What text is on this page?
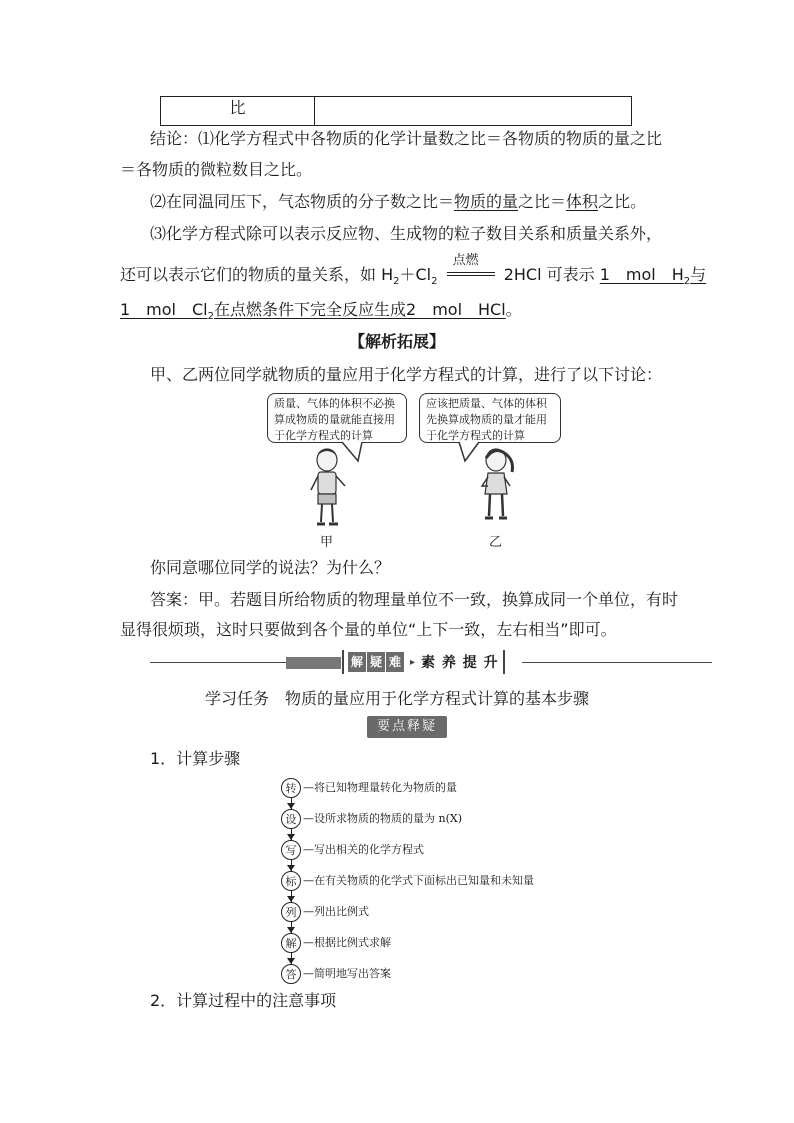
比
结论：⑴化学方程式中各物质的化学计量数之比＝各物质的物质的量之比
＝各物质的微粒数目之比。
⑵在同温同压下，气态物质的分子数之比＝物质的量之比＝体积之比。
⑶化学方程式除可以表示反应物、生成物的粒子数目关系和质量关系外，
还可以表示它们的物质的量关系，如 $H_2+Cl_2$
点燃
2HCl 可表示 1　mol　$H_2$与
1　mol　$Cl_2$在点燃条件下完全反应生成2　mol　HCl。
【解析拓展】
甲、乙两位同学就物质的量应用于化学方程式的计算，进行了以下讨论：
质量、气体的体积不必换算成物质的量就能直接用于化学方程式的计算
应该把质量、气体的体积先换算成物质的量才能用于化学方程式的计算
甲	乙
你同意哪位同学的说法？为什么？
答案：甲。若题目所给物质的物理量单位不一致，换算成同一个单位，有时
显得很烦琐，这时只要做到各个量的单位“上下一致，左右相当”即可。
解 疑 难 ▸ 素 养 提 升
学习任务　物质的量应用于化学方程式计算的基本步骤
要点释疑
1．计算步骤
转 —将已知物理量转化为物质的量
设 —设所求物质的物质的量为 n(X)
写 —写出相关的化学方程式
标 —在有关物质的化学式下面标出已知量和未知量
列 —列出比例式
解 —根据比例式求解
答 —简明地写出答案
2．计算过程中的注意事项
